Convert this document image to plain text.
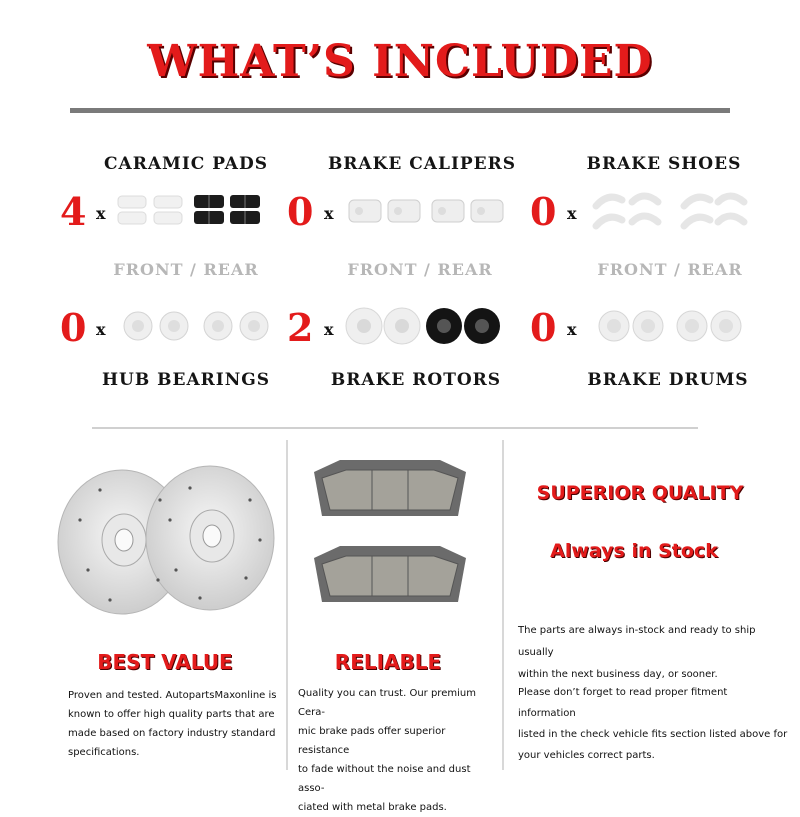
WHAT’S INCLUDED
CARAMIC PADS	BRAKE CALIPERS	BRAKE SHOES
4 x	0 x	0 x
FRONT / REAR	FRONT / REAR	FRONT / REAR
0 x	2 x	0 x
HUB BEARINGS	BRAKE ROTORS	BRAKE DRUMS
BEST VALUE
Proven and tested. AutopartsMaxonline is
known to offer high quality parts that are
made based on factory industry standard
specifications.
RELIABLE
Quality you can trust. Our premium Cera-
mic brake pads offer superior resistance
to fade without the noise and dust asso-
ciated with metal brake pads.
SUPERIOR QUALITY
Always in Stock
The parts are always in-stock and ready to ship usually
within the next business day, or sooner.
Please don’t forget to read proper fitment information
listed in the check vehicle fits section listed above for
your vehicles correct parts.
